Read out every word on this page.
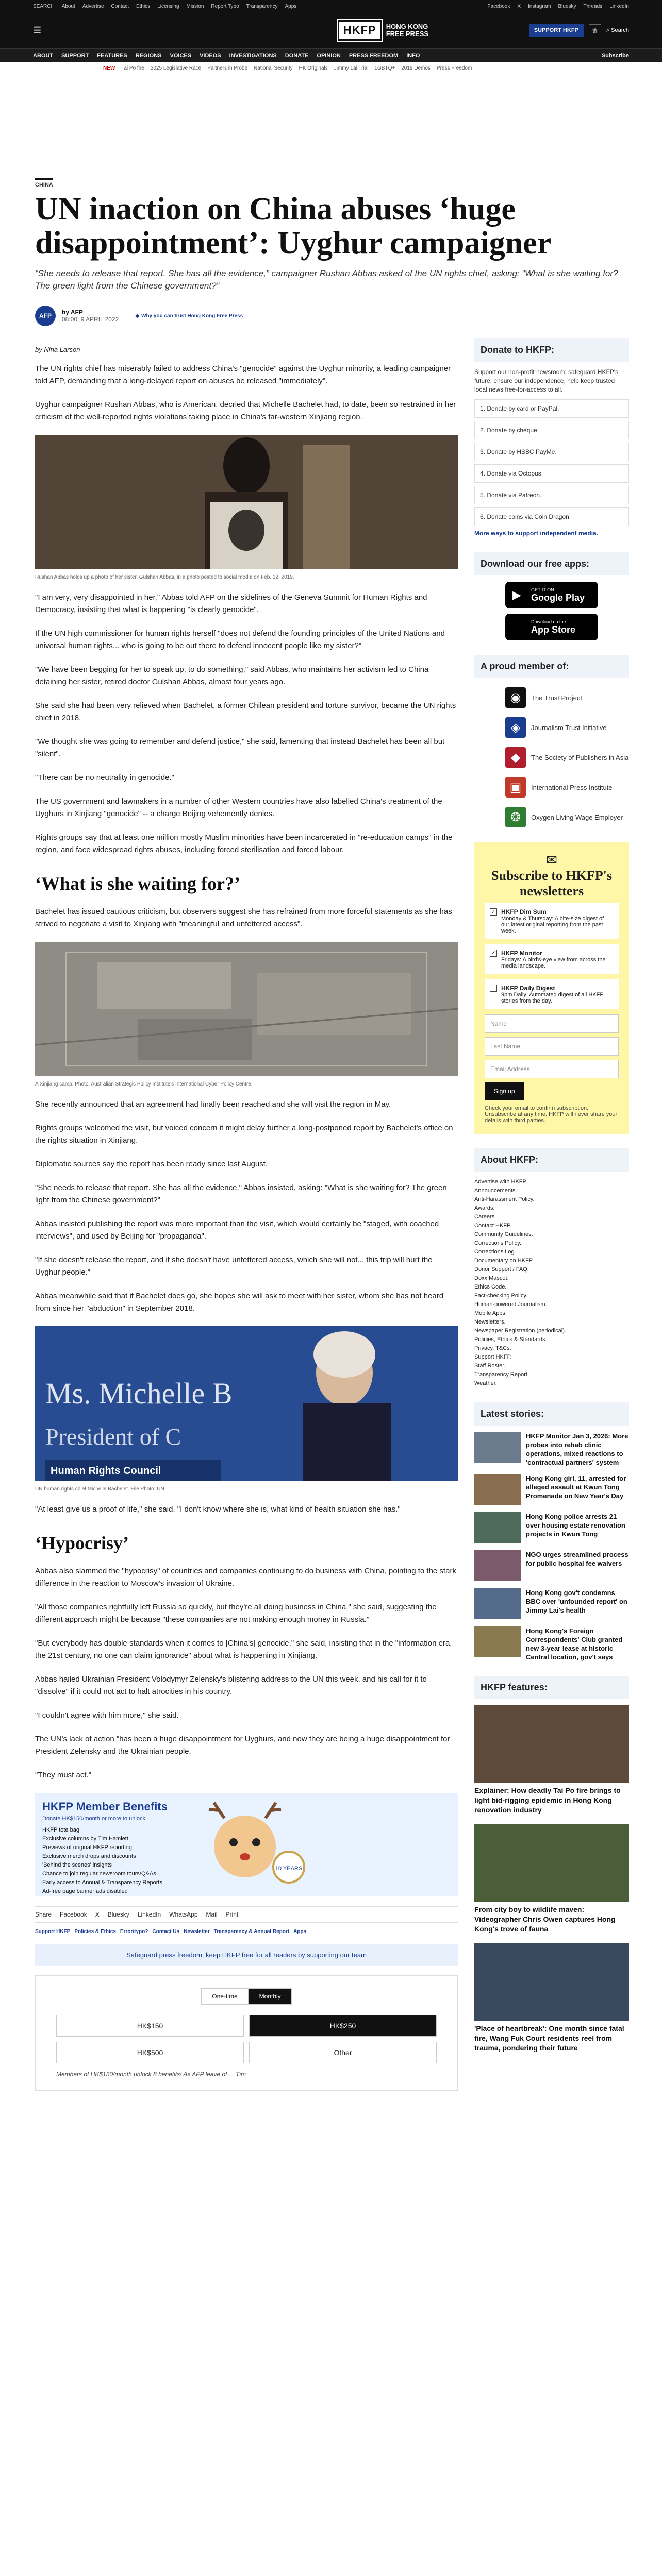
SEARCH About Advertise Contact Ethics Licensing Mission Report Typo Transparency Apps	Facebook X Instagram Bluesky Threads LinkedIn
☰	HKFP	HONG KONG
FREE PRESS	SUPPORT HKFP	繁	⌕ Search
ABOUT SUPPORT FEATURES REGIONS VOICES VIDEOS INVESTIGATIONS DONATE OPINION PRESS FREEDOM INFO	Subscribe
NEW Tai Po fire 2025 Legislative Race Partners in Probe National Security HK Originals Jimmy Lai Trial LGBTQ+ 2019 Demos Press Freedom
CHINA
UN inaction on China abuses ‘huge disappointment’: Uyghur campaigner
“She needs to release that report. She has all the evidence,” campaigner Rushan Abbas asked of the UN rights chief, asking: “What is she waiting for? The green light from the Chinese government?”
AFP	by AFP
08:00, 9 APRIL 2022	◆ Why you can trust Hong Kong Free Press
by Nina Larson

The UN rights chief has miserably failed to address China's "genocide" against the Uyghur minority, a leading campaigner told AFP, demanding that a long-delayed report on abuses be released "immediately".

Uyghur campaigner Rushan Abbas, who is American, decried that Michelle Bachelet had, to date, been so restrained in her criticism of the well-reported rights violations taking place in China's far-western Xinjiang region.

Rushan Abbas holds up a photo of her sister, Gulshan Abbas, in a photo posted to social media on Feb. 12, 2019.

"I am very, very disappointed in her," Abbas told AFP on the sidelines of the Geneva Summit for Human Rights and Democracy, insisting that what is happening "is clearly genocide".

If the UN high commissioner for human rights herself "does not defend the founding principles of the United Nations and universal human rights... who is going to be out there to defend innocent people like my sister?"

"We have been begging for her to speak up, to do something," said Abbas, who maintains her activism led to China detaining her sister, retired doctor Gulshan Abbas, almost four years ago.

She said she had been very relieved when Bachelet, a former Chilean president and torture survivor, became the UN rights chief in 2018.

"We thought she was going to remember and defend justice," she said, lamenting that instead Bachelet has been all but "silent".

"There can be no neutrality in genocide."

The US government and lawmakers in a number of other Western countries have also labelled China's treatment of the Uyghurs in Xinjiang "genocide" -- a charge Beijing vehemently denies.

Rights groups say that at least one million mostly Muslim minorities have been incarcerated in "re-education camps" in the region, and face widespread rights abuses, including forced sterilisation and forced labour.

‘What is she waiting for?’

Bachelet has issued cautious criticism, but observers suggest she has refrained from more forceful statements as she has strived to negotiate a visit to Xinjiang with "meaningful and unfettered access".

A Xinjiang camp. Photo: Australian Strategic Policy Institute's International Cyber Policy Centre.

She recently announced that an agreement had finally been reached and she will visit the region in May.

Rights groups welcomed the visit, but voiced concern it might delay further a long-postponed report by Bachelet's office on the rights situation in Xinjiang.

Diplomatic sources say the report has been ready since last August.

"She needs to release that report. She has all the evidence," Abbas insisted, asking: "What is she waiting for? The green light from the Chinese government?"

Abbas insisted publishing the report was more important than the visit, which would certainly be "staged, with coached interviews", and used by Beijing for "propaganda".

"If she doesn't release the report, and if she doesn't have unfettered access, which she will not... this trip will hurt the Uyghur people."

Abbas meanwhile said that if Bachelet does go, she hopes she will ask to meet with her sister, whom she has not heard from since her "abduction" in September 2018.

Ms. Michelle B
President of C
Human Rights Council
UN human rights chief Michelle Bachelet. File Photo: UN.

"At least give us a proof of life," she said. "I don't know where she is, what kind of health situation she has."

‘Hypocrisy’

Abbas also slammed the "hypocrisy" of countries and companies continuing to do business with China, pointing to the stark difference in the reaction to Moscow's invasion of Ukraine.

"All those companies rightfully left Russia so quickly, but they're all doing business in China," she said, suggesting the different approach might be because "these companies are not making enough money in Russia."

"But everybody has double standards when it comes to [China's] genocide," she said, insisting that in the "information era, the 21st century, no one can claim ignorance" about what is happening in Xinjiang.

Abbas hailed Ukrainian President Volodymyr Zelensky's blistering address to the UN this week, and his call for it to "dissolve" if it could not act to halt atrocities in his country.

"I couldn't agree with him more," she said.

The UN's lack of action "has been a huge disappointment for Uyghurs, and now they are being a huge disappointment for President Zelensky and the Ukrainian people.

"They must act."

HKFP Member Benefits
Donate HK$150/month or more to unlock
HKFP tote bag
Exclusive columns by Tim Hamlett
Previews of original HKFP reporting
Exclusive merch drops and discounts
'Behind the scenes' insights
Chance to join regular newsroom tours/Q&As
Early access to Annual & Transparency Reports
Ad-free page banner ads disabled
10 YEARS
Share Facebook X Bluesky LinkedIn WhatsApp Mail Print
Support HKFP Policies & Ethics Error/typo? Contact Us Newsletter Transparency & Annual Report Apps
Safeguard press freedom; keep HKFP free for all readers by supporting our team
One-time	Monthly
HK$150	HK$250
HK$500	Other
Members of HK$150/month unlock 8 benefits! As AFP leave of ... Tim
Donate to HKFP:
Support our non-profit newsroom: safeguard HKFP's future, ensure our independence, help keep trusted local news free-for-access to all.
1. Donate by card or PayPal.
2. Donate by cheque.
3. Donate by HSBC PayMe.
4. Donate via Octopus.
5. Donate via Patreon.
6. Donate coins via Coin Dragon.
More ways to support independent media.
Download our free apps:
▶ GET IT ON
Google Play
Download on the
App Store
A proud member of:
◉	The Trust Project
◈	Journalism Trust Initiative
◆	The Society of Publishers in Asia
▣	International Press Institute
❂	Oxygen Living Wage Employer
✉
Subscribe to HKFP's newsletters
✓ HKFP Dim Sum
Monday & Thursday: A bite-size digest of our latest original reporting from the past week.
✓ HKFP Monitor
Fridays: A bird's-eye view from across the media landscape.
HKFP Daily Digest
9pm Daily: Automated digest of all HKFP stories from the day.
Name
Last Name
Email Address
Sign up
Check your email to confirm subscription. Unsubscribe at any time. HKFP will never share your details with third parties.
About HKFP:
Advertise with HKFP.
Announcements.
Anti-Harassment Policy.
Awards.
Careers.
Contact HKFP.
Community Guidelines.
Corrections Policy.
Corrections Log.
Documentary on HKFP.
Donor Support / FAQ.
Doxx Mascot.
Ethics Code.
Fact-checking Policy.
Human-powered Journalism.
Mobile Apps.
Newsletters.
Newspaper Registration (periodical).
Policies, Ethics & Standards.
Privacy, T&Cs.
Support HKFP.
Staff Roster.
Transparency Report.
Weather.
Latest stories:
HKFP Monitor Jan 3, 2026: More probes into rehab clinic operations, mixed reactions to 'contractual partners' system
Hong Kong girl, 11, arrested for alleged assault at Kwun Tong Promenade on New Year's Day
Hong Kong police arrests 21 over housing estate renovation projects in Kwun Tong
NGO urges streamlined process for public hospital fee waivers
Hong Kong gov't condemns BBC over 'unfounded report' on Jimmy Lai's health
Hong Kong's Foreign Correspondents' Club granted new 3-year lease at historic Central location, gov't says
HKFP features:
Explainer: How deadly Tai Po fire brings to light bid-rigging epidemic in Hong Kong renovation industry
From city boy to wildlife maven: Videographer Chris Owen captures Hong Kong's trove of fauna
'Place of heartbreak': One month since fatal fire, Wang Fuk Court residents reel from trauma, pondering their future
